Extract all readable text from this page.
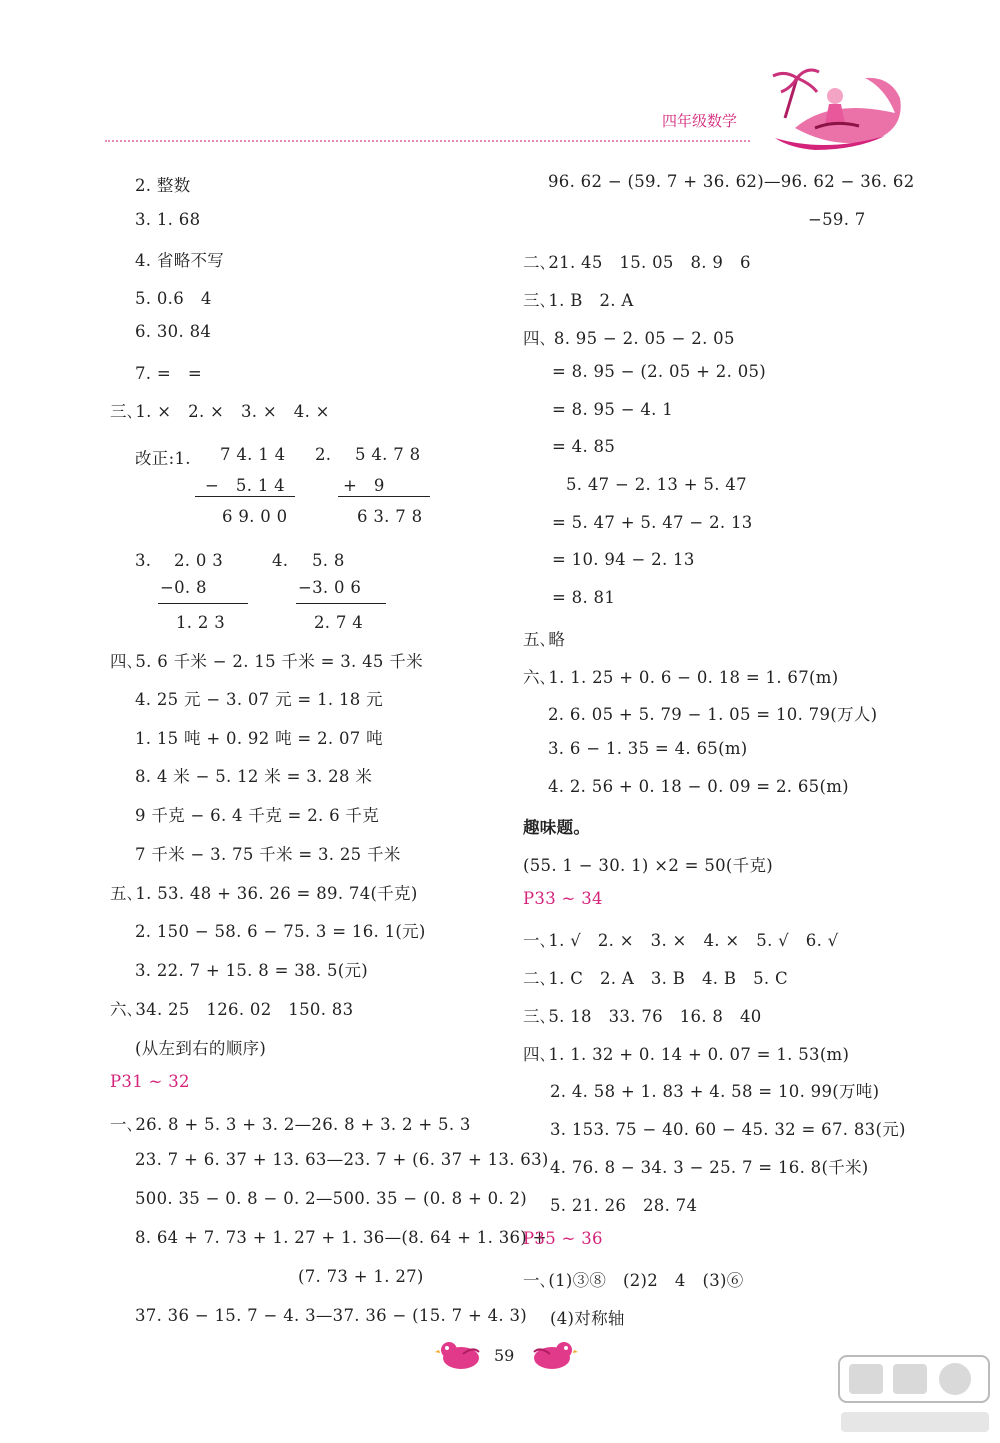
四年级数学
2. 整数
3. 1. 68
4. 省略不写
5. 0.6　4
6. 30. 84
7. =　=
三､1. ×　2. ×　3. ×　4. ×
改正:1. 7 4. 1 4
−　5. 1 4
6 9. 0 0
2. 5 4. 7 8
+　9
6 3. 7 8
3. 2. 0 3
−0. 8
1. 2 3
4. 5. 8
−3. 0 6
2. 7 4
四､5. 6 千米 − 2. 15 千米 = 3. 45 千米
4. 25 元 − 3. 07 元 = 1. 18 元
1. 15 吨 + 0. 92 吨 = 2. 07 吨
8. 4 米 − 5. 12 米 = 3. 28 米
9 千克 − 6. 4 千克 = 2. 6 千克
7 千米 − 3. 75 千米 = 3. 25 千米
五､1. 53. 48 + 36. 26 = 89. 74(千克)
2. 150 − 58. 6 − 75. 3 = 16. 1(元)
3. 22. 7 + 15. 8 = 38. 5(元)
六､34. 25　126. 02　150. 83
(从左到右的顺序)
P31 ~ 32
一､26. 8 + 5. 3 + 3. 2—26. 8 + 3. 2 + 5. 3
23. 7 + 6. 37 + 13. 63—23. 7 + (6. 37 + 13. 63)
500. 35 − 0. 8 − 0. 2—500. 35 − (0. 8 + 0. 2)
8. 64 + 7. 73 + 1. 27 + 1. 36—(8. 64 + 1. 36) +
(7. 73 + 1. 27)
37. 36 − 15. 7 − 4. 3—37. 36 − (15. 7 + 4. 3)
96. 62 − (59. 7 + 36. 62)—96. 62 − 36. 62
−59. 7
二､21. 45　15. 05　8. 9　6
三､1. B　2. A
四､ 8. 95 − 2. 05 − 2. 05
= 8. 95 − (2. 05 + 2. 05)
= 8. 95 − 4. 1
= 4. 85
5. 47 − 2. 13 + 5. 47
= 5. 47 + 5. 47 − 2. 13
= 10. 94 − 2. 13
= 8. 81
五､略
六､1. 1. 25 + 0. 6 − 0. 18 = 1. 67(m)
2. 6. 05 + 5. 79 − 1. 05 = 10. 79(万人)
3. 6 − 1. 35 = 4. 65(m)
4. 2. 56 + 0. 18 − 0. 09 = 2. 65(m)
趣味题。
(55. 1 − 30. 1) ×2 = 50(千克)
P33 ~ 34
一､1. √　2. ×　3. ×　4. ×　5. √　6. √
二､1. C　2. A　3. B　4. B　5. C
三､5. 18　33. 76　16. 8　40
四､1. 1. 32 + 0. 14 + 0. 07 = 1. 53(m)
2. 4. 58 + 1. 83 + 4. 58 = 10. 99(万吨)
3. 153. 75 − 40. 60 − 45. 32 = 67. 83(元)
4. 76. 8 − 34. 3 − 25. 7 = 16. 8(千米)
5. 21. 26　28. 74
P35 ~ 36
一､(1)③⑧　(2)2　4　(3)⑥
(4)对称轴
59
